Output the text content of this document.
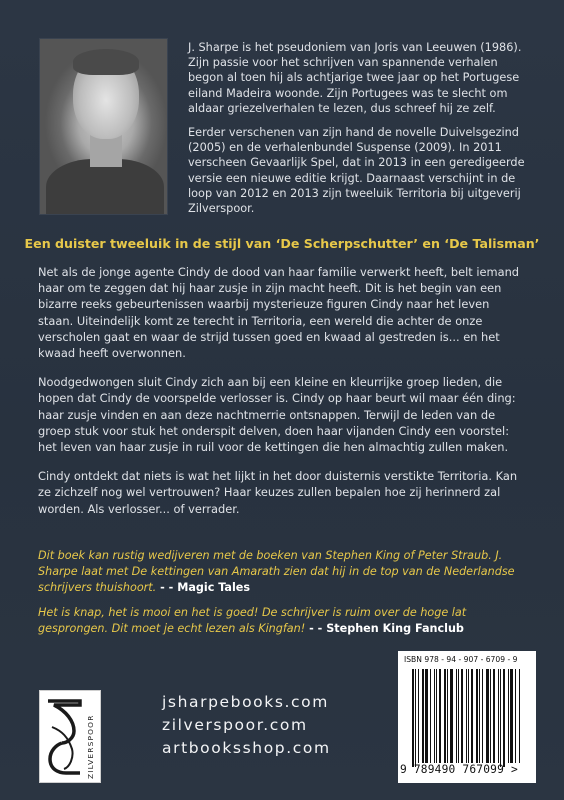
J. Sharpe is het pseudoniem van Joris van Leeuwen (1986). Zijn passie voor het schrijven van spannende verhalen begon al toen hij als achtjarige twee jaar op het Portugese eiland Madeira woonde. Zijn Portugees was te slecht om aldaar griezelverhalen te lezen, dus schreef hij ze zelf.

Eerder verschenen van zijn hand de novelle Duivelsgezind (2005) en de verhalenbundel Suspense (2009). In 2011 verscheen Gevaarlijk Spel, dat in 2013 in een geredigeerde versie een nieuwe editie krijgt. Daarnaast verschijnt in de loop van 2012 en 2013 zijn tweeluik Territoria bij uitgeverij Zilverspoor.

Een duister tweeluik in de stijl van ‘De Scherpschutter’ en ‘De Talisman’

Net als de jonge agente Cindy de dood van haar familie verwerkt heeft, belt iemand haar om te zeggen dat hij haar zusje in zijn macht heeft. Dit is het begin van een bizarre reeks gebeurtenissen waarbij mysterieuze figuren Cindy naar het leven staan. Uiteindelijk komt ze terecht in Territoria, een wereld die achter de onze verscholen gaat en waar de strijd tussen goed en kwaad al gestreden is... en het kwaad heeft overwonnen.

Noodgedwongen sluit Cindy zich aan bij een kleine en kleurrijke groep lieden, die hopen dat Cindy de voorspelde verlosser is. Cindy op haar beurt wil maar één ding: haar zusje vinden en aan deze nachtmerrie ontsnappen. Terwijl de leden van de groep stuk voor stuk het onderspit delven, doen haar vijanden Cindy een voorstel: het leven van haar zusje in ruil voor de kettingen die hen almachtig zullen maken.

Cindy ontdekt dat niets is wat het lijkt in het door duisternis verstikte Territoria. Kan ze zichzelf nog wel vertrouwen? Haar keuzes zullen bepalen hoe zij herinnerd zal worden. Als verlosser... of verrader.

Dit boek kan rustig wedijveren met de boeken van Stephen King of Peter Straub. J. Sharpe laat met De kettingen van Amarath zien dat hij in de top van de Nederlandse schrijvers thuishoort. - - Magic Tales
Het is knap, het is mooi en het is goed! De schrijver is ruim over de hoge lat gesprongen. Dit moet je echt lezen als Kingfan! - - Stephen King Fanclub
ZILVERSPOOR
jsharpebooks.com
zilverspoor.com
artbooksshop.com
ISBN 978 - 94 - 907 - 6709 - 9
9 789490 767099 >
